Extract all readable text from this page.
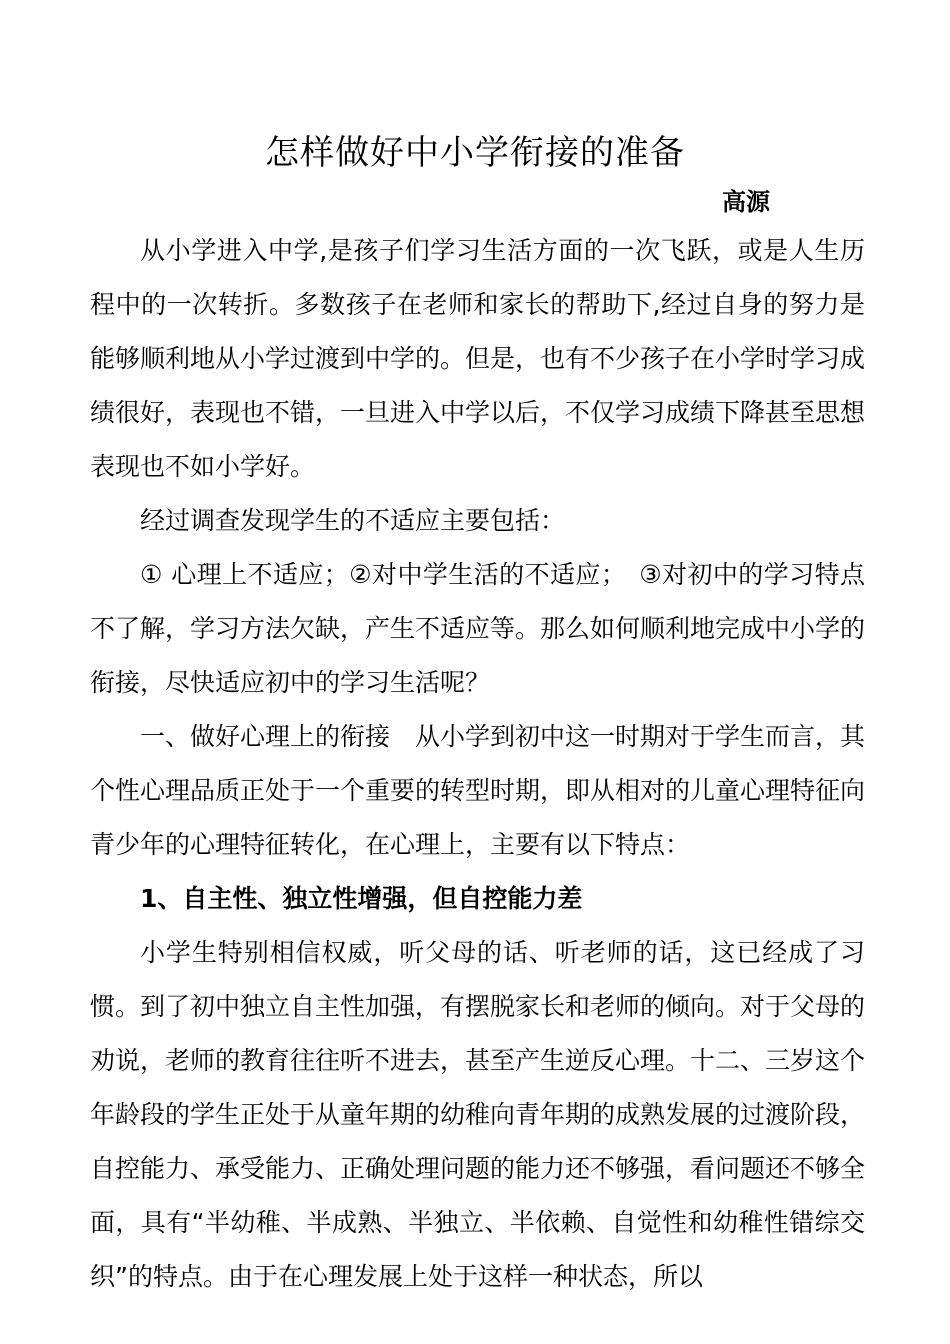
怎样做好中小学衔接的准备
高源

从小学进入中学,是孩子们学习生活方面的一次飞跃，或是人生历程中的一次转折。多数孩子在老师和家长的帮助下,经过自身的努力是能够顺利地从小学过渡到中学的。但是，也有不少孩子在小学时学习成绩很好，表现也不错，一旦进入中学以后，不仅学习成绩下降甚至思想表现也不如小学好。

经过调查发现学生的不适应主要包括：

① 心理上不适应；②对中学生活的不适应；　③对初中的学习特点不了解，学习方法欠缺，产生不适应等。那么如何顺利地完成中小学的衔接，尽快适应初中的学习生活呢？

一、做好心理上的衔接　从小学到初中这一时期对于学生而言，其个性心理品质正处于一个重要的转型时期，即从相对的儿童心理特征向青少年的心理特征转化，在心理上，主要有以下特点：

1、自主性、独立性增强，但自控能力差

小学生特别相信权威，听父母的话、听老师的话，这已经成了习惯。到了初中独立自主性加强，有摆脱家长和老师的倾向。对于父母的劝说，老师的教育往往听不进去，甚至产生逆反心理。十二、三岁这个年龄段的学生正处于从童年期的幼稚向青年期的成熟发展的过渡阶段，自控能力、承受能力、正确处理问题的能力还不够强，看问题还不够全面，具有“半幼稚、半成熟、半独立、半依赖、自觉性和幼稚性错综交织”的特点。由于在心理发展上处于这样一种状态，所以
